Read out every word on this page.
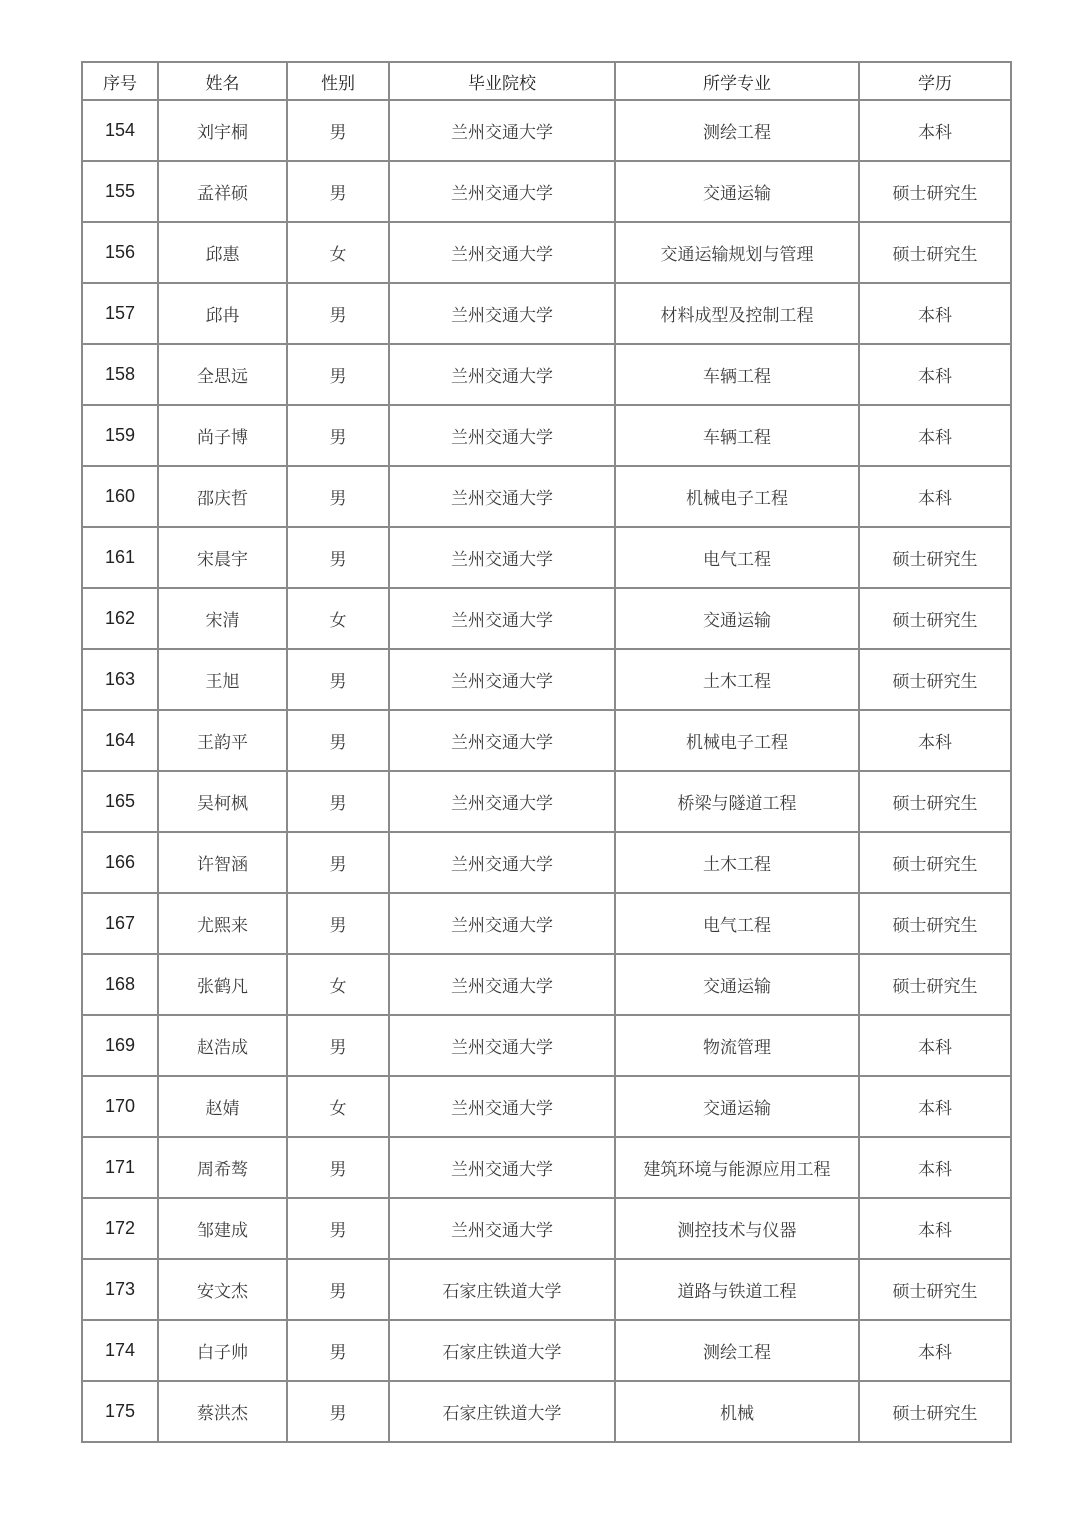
序号	姓名	性别	毕业院校	所学专业	学历
154	刘宇桐	男	兰州交通大学	测绘工程	本科
155	孟祥硕	男	兰州交通大学	交通运输	硕士研究生
156	邱惠	女	兰州交通大学	交通运输规划与管理	硕士研究生
157	邱冉	男	兰州交通大学	材料成型及控制工程	本科
158	全思远	男	兰州交通大学	车辆工程	本科
159	尚子博	男	兰州交通大学	车辆工程	本科
160	邵庆哲	男	兰州交通大学	机械电子工程	本科
161	宋晨宇	男	兰州交通大学	电气工程	硕士研究生
162	宋清	女	兰州交通大学	交通运输	硕士研究生
163	王旭	男	兰州交通大学	土木工程	硕士研究生
164	王韵平	男	兰州交通大学	机械电子工程	本科
165	吴柯枫	男	兰州交通大学	桥梁与隧道工程	硕士研究生
166	许智涵	男	兰州交通大学	土木工程	硕士研究生
167	尤熙来	男	兰州交通大学	电气工程	硕士研究生
168	张鹤凡	女	兰州交通大学	交通运输	硕士研究生
169	赵浩成	男	兰州交通大学	物流管理	本科
170	赵婧	女	兰州交通大学	交通运输	本科
171	周希骜	男	兰州交通大学	建筑环境与能源应用工程	本科
172	邹建成	男	兰州交通大学	测控技术与仪器	本科
173	安文杰	男	石家庄铁道大学	道路与铁道工程	硕士研究生
174	白子帅	男	石家庄铁道大学	测绘工程	本科
175	蔡洪杰	男	石家庄铁道大学	机械	硕士研究生
